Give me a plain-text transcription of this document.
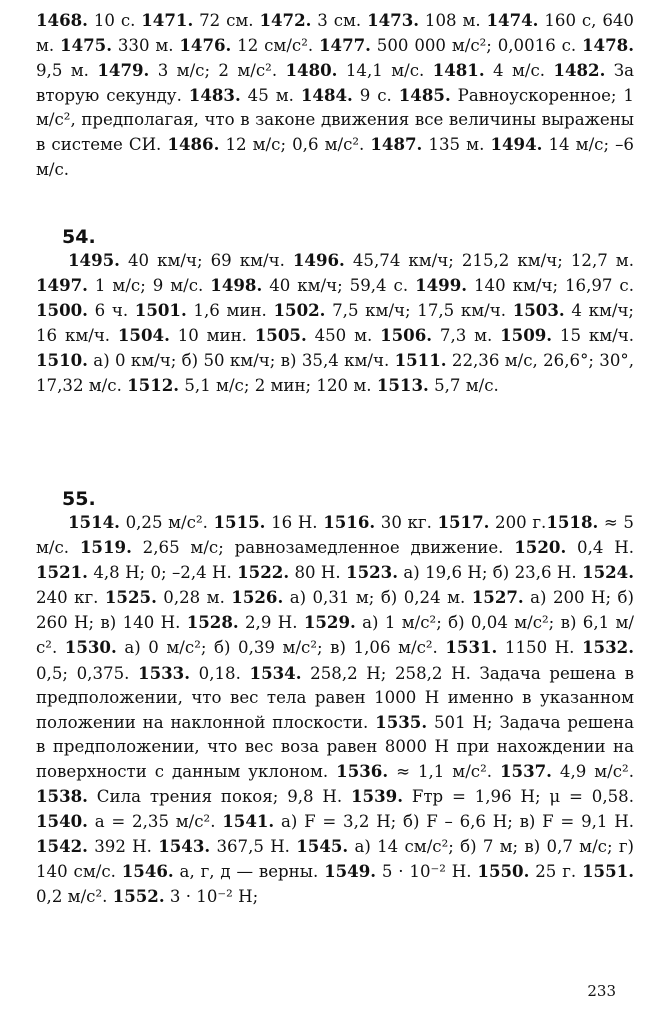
1468. 10 с. 1471. 72 см. 1472. 3 см. 1473. 108 м. 1474. 160 с, 640 м. 1475. 330 м. 1476. 12 см/с². 1477. 500 000 м/с²; 0,0016 с. 1478. 9,5 м. 1479. 3 м/с; 2 м/с². 1480. 14,1 м/с. 1481. 4 м/с. 1482. За вторую секунду. 1483. 45 м. 1484. 9 с. 1485. Равноускоренное; 1 м/с², предполагая, что в законе движения все величины выражены в системе СИ. 1486. 12 м/с; 0,6 м/с². 1487. 135 м. 1494. 14 м/с; –6 м/с.

54.

1495. 40 км/ч; 69 км/ч. 1496. 45,74 км/ч; 215,2 км/ч; 12,7 м. 1497. 1 м/с; 9 м/с. 1498. 40 км/ч; 59,4 с. 1499. 140 км/ч; 16,97 с. 1500. 6 ч. 1501. 1,6 мин. 1502. 7,5 км/ч; 17,5 км/ч. 1503. 4 км/ч; 16 км/ч. 1504. 10 мин. 1505. 450 м. 1506. 7,3 м. 1509. 15 км/ч. 1510. а) 0 км/ч; б) 50 км/ч; в) 35,4 км/ч. 1511. 22,36 м/с, 26,6°; 30°, 17,32 м/с. 1512. 5,1 м/с; 2 мин; 120 м. 1513. 5,7 м/с.

55.

1514. 0,25 м/с². 1515. 16 Н. 1516. 30 кг. 1517. 200 г.1518. ≈ 5 м/с. 1519. 2,65 м/с; равнозамедленное движение. 1520. 0,4 Н. 1521. 4,8 Н; 0; –2,4 Н. 1522. 80 Н. 1523. а) 19,6 Н; б) 23,6 Н. 1524. 240 кг. 1525. 0,28 м. 1526. а) 0,31 м; б) 0,24 м. 1527. а) 200 Н; б) 260 Н; в) 140 Н. 1528. 2,9 Н. 1529. а) 1 м/с²; б) 0,04 м/с²; в) 6,1 м/с². 1530. а) 0 м/с²; б) 0,39 м/с²; в) 1,06 м/с². 1531. 1150 Н. 1532. 0,5; 0,375. 1533. 0,18. 1534. 258,2 Н; 258,2 Н. Задача решена в предположении, что вес тела равен 1000 Н именно в указанном положении на наклонной плоскости. 1535. 501 Н; Задача решена в предположении, что вес воза равен 8000 Н при нахождении на поверхности с данным уклоном. 1536. ≈ 1,1 м/с². 1537. 4,9 м/с². 1538. Сила трения покоя; 9,8 Н. 1539. Fтр = 1,96 Н; μ = 0,58. 1540. a = 2,35 м/с². 1541. а) F = 3,2 Н; б) F – 6,6 Н; в) F = 9,1 Н. 1542. 392 Н. 1543. 367,5 Н. 1545. а) 14 см/с²; б) 7 м; в) 0,7 м/с; г) 140 см/с. 1546. а, г, д — верны. 1549. 5 · 10⁻² Н. 1550. 25 г. 1551. 0,2 м/с². 1552. 3 · 10⁻² Н;

233
